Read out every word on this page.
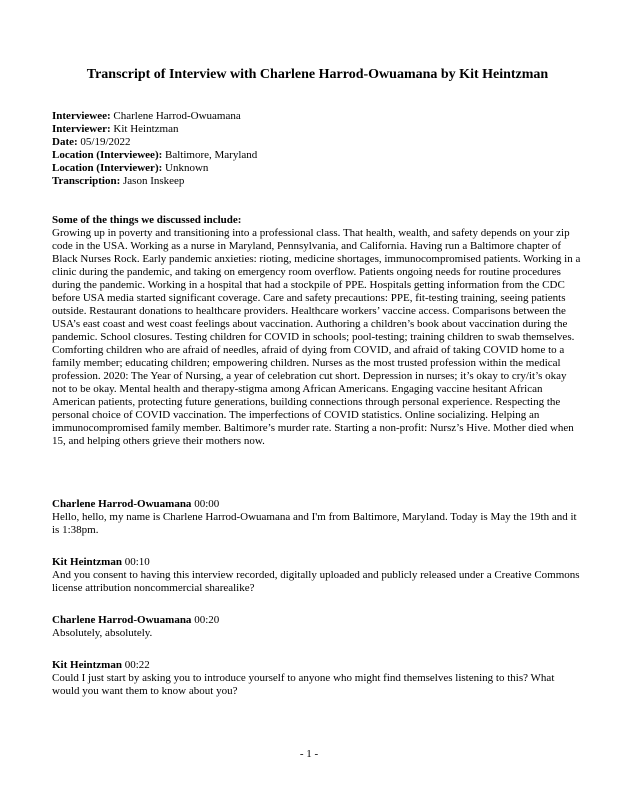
Transcript of Interview with Charlene Harrod-Owuamana by Kit Heintzman
Interviewee: Charlene Harrod-Owuamana
Interviewer: Kit Heintzman
Date: 05/19/2022
Location (Interviewee): Baltimore, Maryland
Location (Interviewer): Unknown
Transcription: Jason Inskeep
Some of the things we discussed include:
Growing up in poverty and transitioning into a professional class. That health, wealth, and safety depends on your zip code in the USA. Working as a nurse in Maryland, Pennsylvania, and California. Having run a Baltimore chapter of Black Nurses Rock. Early pandemic anxieties: rioting, medicine shortages, immunocompromised patients. Working in a clinic during the pandemic, and taking on emergency room overflow. Patients ongoing needs for routine procedures during the pandemic. Working in a hospital that had a stockpile of PPE. Hospitals getting information from the CDC before USA media started significant coverage. Care and safety precautions: PPE, fit-testing training, seeing patients outside. Restaurant donations to healthcare providers. Healthcare workers’ vaccine access. Comparisons between the USA’s east coast and west coast feelings about vaccination. Authoring a children’s book about vaccination during the pandemic. School closures. Testing children for COVID in schools; pool-testing; training children to swab themselves. Comforting children who are afraid of needles, afraid of dying from COVID, and afraid of taking COVID home to a family member; educating children; empowering children. Nurses as the most trusted profession within the medical profession. 2020: The Year of Nursing, a year of celebration cut short. Depression in nurses; it’s okay to cry/it’s okay not to be okay. Mental health and therapy-stigma among African Americans. Engaging vaccine hesitant African American patients, protecting future generations, building connections through personal experience. Respecting the personal choice of COVID vaccination. The imperfections of COVID statistics. Online socializing. Helping an immunocompromised family member. Baltimore’s murder rate. Starting a non-profit: Nursz’s Hive. Mother died when 15, and helping others grieve their mothers now.
Charlene Harrod-Owuamana 00:00
Hello, hello, my name is Charlene Harrod-Owuamana and I'm from Baltimore, Maryland. Today is May the 19th and it is 1:38pm.
Kit Heintzman 00:10
And you consent to having this interview recorded, digitally uploaded and publicly released under a Creative Commons license attribution noncommercial sharealike?
Charlene Harrod-Owuamana 00:20
Absolutely, absolutely.
Kit Heintzman 00:22
Could I just start by asking you to introduce yourself to anyone who might find themselves listening to this? What would you want them to know about you?
- 1 -
